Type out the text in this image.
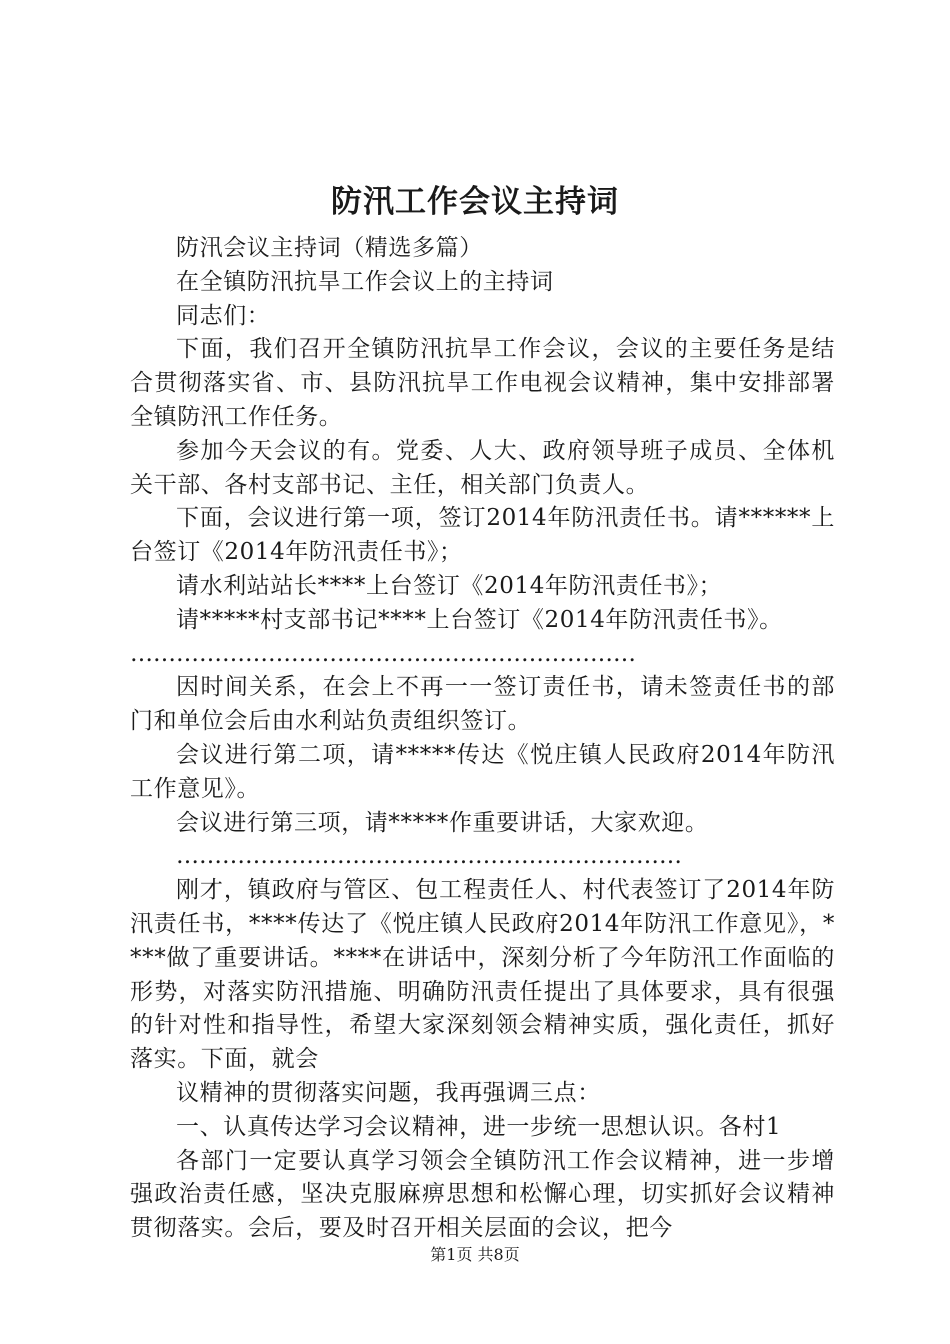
防汛工作会议主持词

防汛会议主持词（精选多篇）

在全镇防汛抗旱工作会议上的主持词

同志们：

下面，我们召开全镇防汛抗旱工作会议，会议的主要任务是结合贯彻落实省、市、县防汛抗旱工作电视会议精神，集中安排部署全镇防汛工作任务。

参加今天会议的有。党委、人大、政府领导班子成员、全体机关干部、各村支部书记、主任，相关部门负责人。

下面，会议进行第一项，签订2014年防汛责任书。请******上台签订《2014年防汛责任书》；

请水利站站长****上台签订《2014年防汛责任书》；

请*****村支部书记****上台签订《2014年防汛责任书》。

…………………………………………………………

因时间关系，在会上不再一一签订责任书，请未签责任书的部门和单位会后由水利站负责组织签订。

会议进行第二项，请*****传达《悦庄镇人民政府2014年防汛工作意见》。

会议进行第三项，请*****作重要讲话，大家欢迎。

…………………………………………………………

刚才，镇政府与管区、包工程责任人、村代表签订了2014年防汛责任书，****传达了《悦庄镇人民政府2014年防汛工作意见》，****做了重要讲话。****在讲话中，深刻分析了今年防汛工作面临的形势，对落实防汛措施、明确防汛责任提出了具体要求，具有很强的针对性和指导性，希望大家深刻领会精神实质，强化责任，抓好落实。下面，就会

议精神的贯彻落实问题，我再强调三点：

一、认真传达学习会议精神，进一步统一思想认识。各村1

各部门一定要认真学习领会全镇防汛工作会议精神，进一步增强政治责任感，坚决克服麻痹思想和松懈心理，切实抓好会议精神贯彻落实。会后，要及时召开相关层面的会议，把今

第1页 共8页
